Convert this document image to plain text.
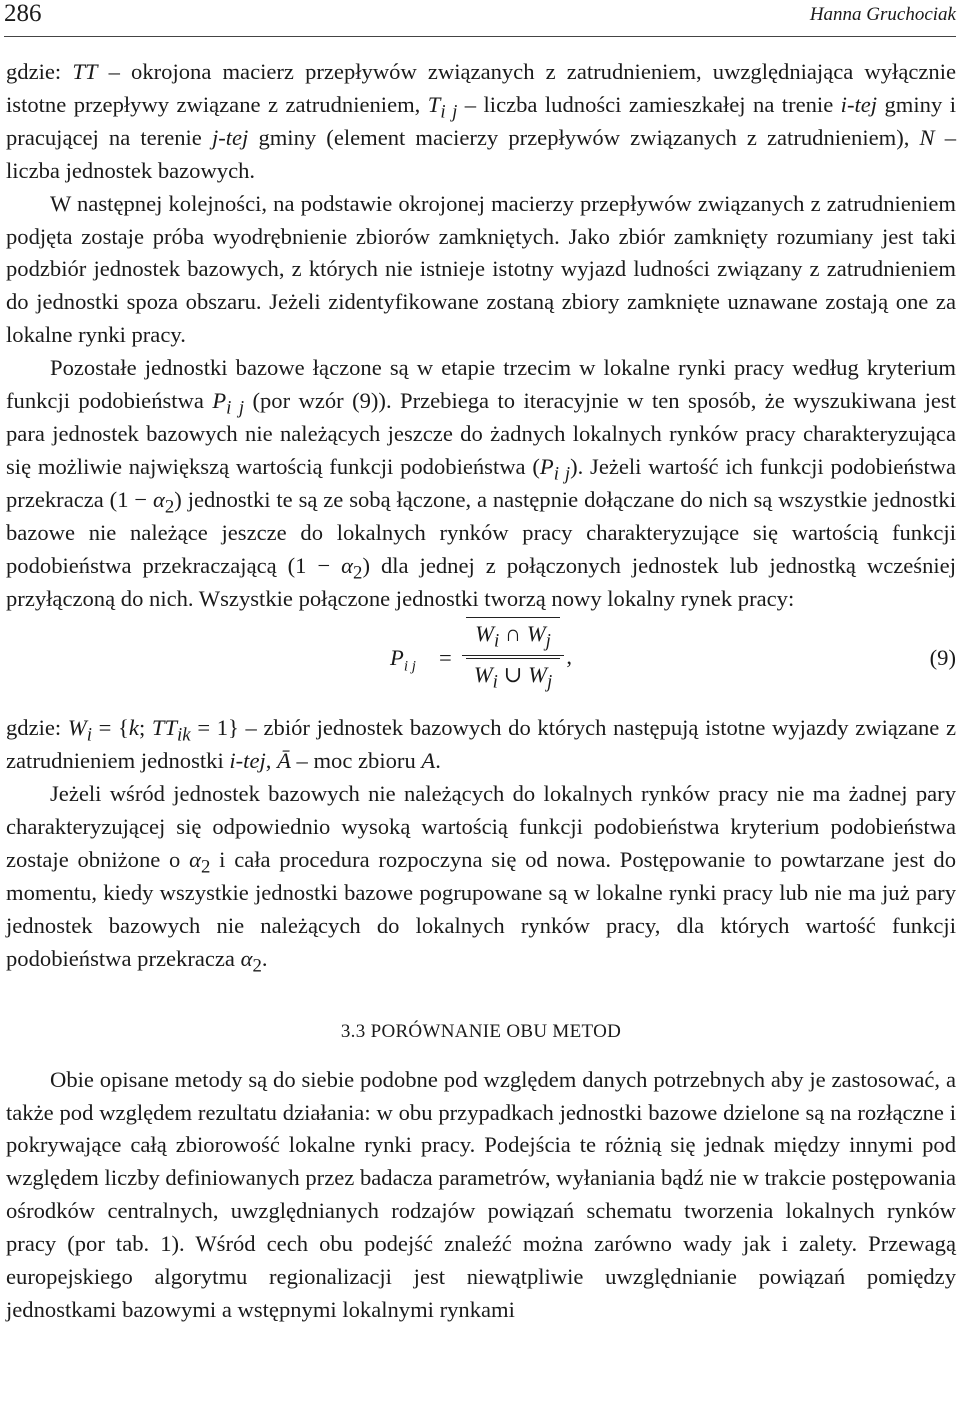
286	Hanna Gruchociak

gdzie: TT – okrojona macierz przepływów związanych z zatrudnieniem, uwzględniająca wyłącznie istotne przepływy związane z zatrudnieniem, $T_{i j}$ – liczba ludności zamieszkałej na trenie i-tej gminy i pracującej na terenie j-tej gminy (element macierzy przepływów związanych z zatrudnieniem), N – liczba jednostek bazowych.

W następnej kolejności, na podstawie okrojonej macierzy przepływów związanych z zatrudnieniem podjęta zostaje próba wyodrębnienie zbiorów zamkniętych. Jako zbiór zamknięty rozumiany jest taki podzbiór jednostek bazowych, z których nie istnieje istotny wyjazd ludności związany z zatrudnieniem do jednostki spoza obszaru. Jeżeli zidentyfikowane zostaną zbiory zamknięte uznawane zostają one za lokalne rynki pracy.

Pozostałe jednostki bazowe łączone są w etapie trzecim w lokalne rynki pracy według kryterium funkcji podobieństwa $P_{i j}$ (por wzór (9)). Przebiega to iteracyjnie w ten sposób, że wyszukiwana jest para jednostek bazowych nie należących jeszcze do żadnych lokalnych rynków pracy charakteryzująca się możliwie największą wartością funkcji podobieństwa $(P_{i j})$. Jeżeli wartość ich funkcji podobieństwa przekracza $(1 - \alpha_2)$ jednostki te są ze sobą łączone, a następnie dołączane do nich są wszystkie jednostki bazowe nie należące jeszcze do lokalnych rynków pracy charakteryzujące się wartością funkcji podobieństwa przekraczającą $(1 - \alpha_2)$ dla jednej z połączonych jednostek lub jednostką wcześniej przyłączoną do nich. Wszystkie połączone jednostki tworzą nowy lokalny rynek pracy:

$P_{i j}$ =
$W_i$ ∩ $W_j$
$W_i$ ∪ $W_j$
,	(9)

gdzie: $W_i = \{k$; $TT_{ik} = 1$} – zbiór jednostek bazowych do których następują istotne wyjazdy związane z zatrudnieniem jednostki i-tej, Ā – moc zbioru A.

Jeżeli wśród jednostek bazowych nie należących do lokalnych rynków pracy nie ma żadnej pary charakteryzującej się odpowiednio wysoką wartością funkcji podobieństwa kryterium podobieństwa zostaje obniżone o $\alpha_2$ i cała procedura rozpoczyna się od nowa. Postępowanie to powtarzane jest do momentu, kiedy wszystkie jednostki bazowe pogrupowane są w lokalne rynki pracy lub nie ma już pary jednostek bazowych nie należących do lokalnych rynków pracy, dla których wartość funkcji podobieństwa przekracza $\alpha_2$.

3.3 PORÓWNANIE OBU METOD

Obie opisane metody są do siebie podobne pod względem danych potrzebnych aby je zastosować, a także pod względem rezultatu działania: w obu przypadkach jednostki bazowe dzielone są na rozłączne i pokrywające całą zbiorowość lokalne rynki pracy. Podejścia te różnią się jednak między innymi pod względem liczby definiowanych przez badacza parametrów, wyłaniania bądź nie w trakcie postępowania ośrodków centralnych, uwzględnianych rodzajów powiązań schematu tworzenia lokalnych rynków pracy (por tab. 1). Wśród cech obu podejść znaleźć można zarówno wady jak i zalety. Przewagą europejskiego algorytmu regionalizacji jest niewątpliwie uwzględnianie powiązań pomiędzy jednostkami bazowymi a wstępnymi lokalnymi rynkami
